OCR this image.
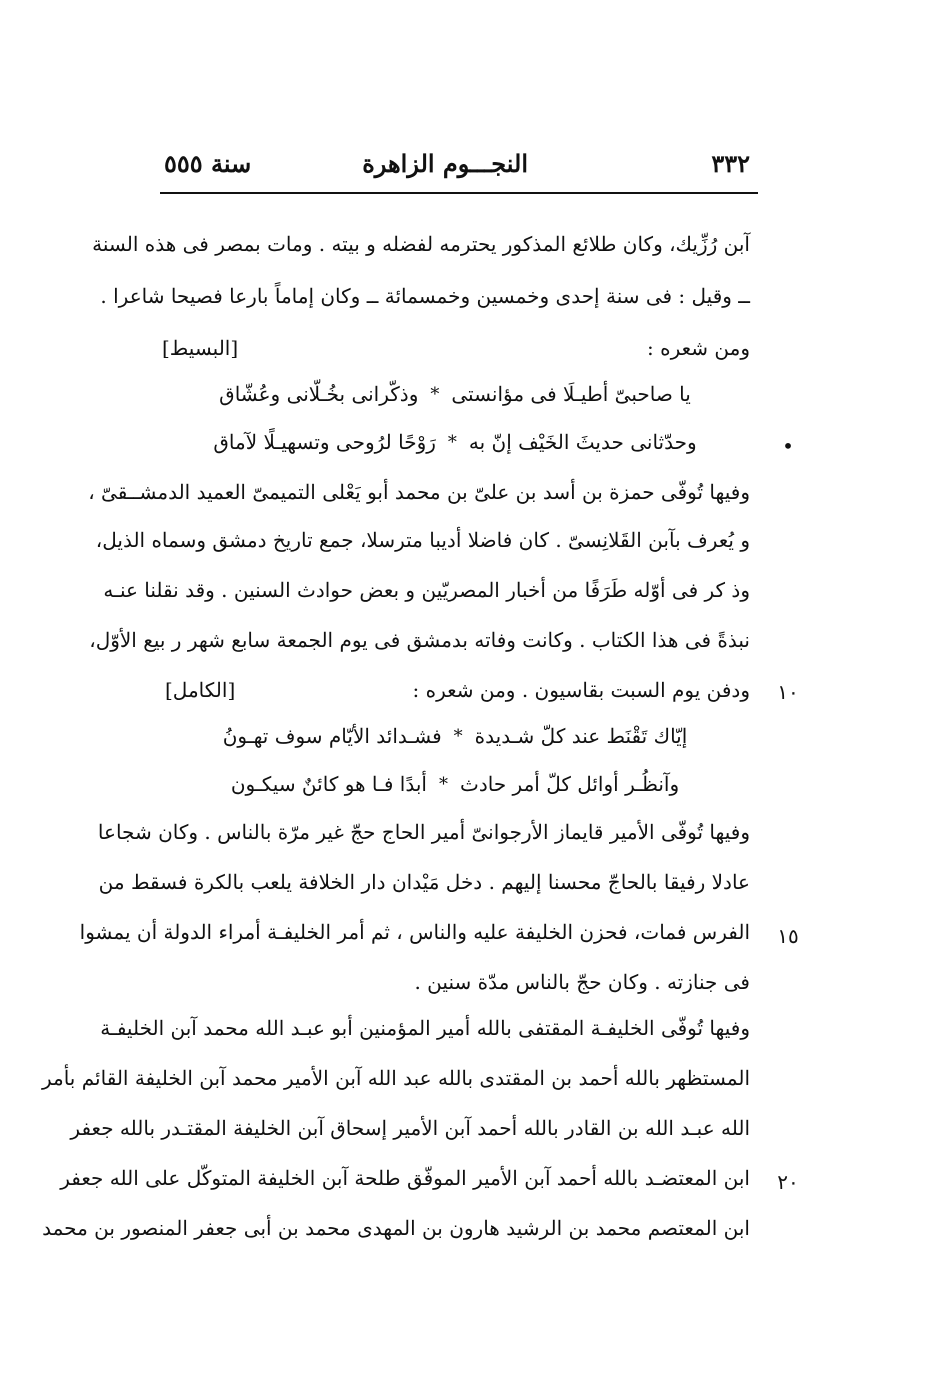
٣٣٢
النجـــوم الزاهرة
سنة ٥٥٥
آبن رُزِّيك، وكان طلائع المذكور يحترمه لفضله و بيته . ومات بمصر فى هذه السنة
ــ وقيل : فى سنة إحدى وخمسين وخمسمائة ــ وكان إماماً بارعا فصيحا شاعرا .
ومن شعره :
[البسيط]
يا صاحبىّ أطيـلَا فى مؤانستى
*
وذكّرانى بخُـلّانى وعُشّاق
وحدّثانى حديثَ الخَيْف إنّ به
*
رَوْحًا لرُوحى وتسهيـلًا لآماق	•
وفيها تُوفّى حمزة بن أسد بن علىّ بن محمد أبو يَعْلى التميمىّ العميد الدمشــقىّ ،
و يُعرف بآبن القَلانِسىّ . كان فاضلا أديبا مترسلا، جمع تاريخ دمشق وسماه الذيل،
وذ كر فى أوّله طَرَفًا من أخبار المصريّين و بعض حوادث السنين . وقد نقلنا عنـه
نبذةً فى هذا الكتاب . وكانت وفاته بدمشق فى يوم الجمعة سابع شهر ر بيع الأوّل،
ودفن يوم السبت بقاسيون . ومن شعره :
[الكامل]	١٠
إيّاك تَقْنَط عند كلّ شـديدة
*
فشـدائد الأيّام سوف تهـونُ
وآنظُـر أوائل كلّ أمر حادث
*
أبدًا فـا هو كائنٌ سيكـون
وفيها تُوفّى الأمير قايماز الأرجوانىّ أمير الحاج حجّ غير مرّة بالناس . وكان شجاعا
عادلا رفيقا بالحاجّ محسنا إليهم . دخل مَيْدان دار الخلافة يلعب بالكرة فسقط من
الفرس فمات، فحزن الخليفة عليه والناس ، ثم أمر الخليفـة أمراء الدولة أن يمشوا	١٥
فى جنازته . وكان حجّ بالناس مدّة سنين .
وفيها تُوفّى الخليفـة المقتفى بالله أمير المؤمنين أبو عبـد الله محمد آبن الخليفـة
المستظهر بالله أحمد بن المقتدى بالله عبد الله آبن الأمير محمد آبن الخليفة القائم بأمر
الله عبـد الله بن القادر بالله أحمد آبن الأمير إسحاق آبن الخليفة المقتـدر بالله جعفر
ابن المعتضـد بالله أحمد آبن الأمير الموفّق طلحة آبن الخليفة المتوكّل على الله جعفر	٢٠
ابن المعتصم محمد بن الرشيد هارون بن المهدى محمد بن أبى جعفر المنصور بن محمد
